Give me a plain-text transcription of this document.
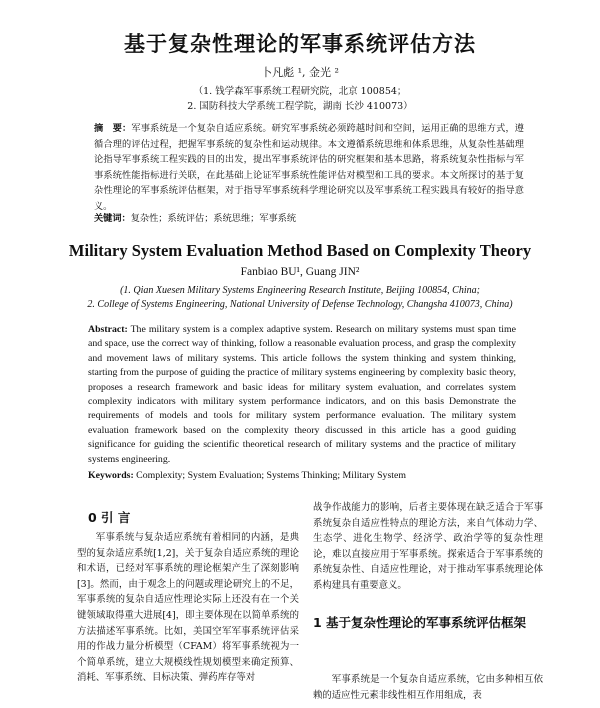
基于复杂性理论的军事系统评估方法
卜凡彪 ¹, 金光 ²
（1. 钱学森军事系统工程研究院，北京 100854；
2. 国防科技大学系统工程学院，湖南 长沙 410073）
摘　要：军事系统是一个复杂自适应系统。研究军事系统必须跨越时间和空间，运用正确的思维方式，遵循合理的评估过程，把握军事系统的复杂性和运动规律。本文遵循系统思维和体系思维，从复杂性基础理论指导军事系统工程实践的目的出发，提出军事系统评估的研究框架和基本思路，将系统复杂性指标与军事系统性能指标进行关联，在此基础上论证军事系统性能评估对模型和工具的要求。本文所探讨的基于复杂性理论的军事系统评估框架，对于指导军事系统科学理论研究以及军事系统工程实践具有较好的指导意义。
关键词：复杂性；系统评估；系统思维；军事系统
Military System Evaluation Method Based on Complexity Theory
Fanbiao BU¹, Guang JIN²
(1. Qian Xuesen Military Systems Engineering Research Institute, Beijing 100854, China;
2. College of Systems Engineering, National University of Defense Technology, Changsha 410073, China)
Abstract: The military system is a complex adaptive system. Research on military systems must span time and space, use the correct way of thinking, follow a reasonable evaluation process, and grasp the complexity and movement laws of military systems. This article follows the system thinking and system thinking, starting from the purpose of guiding the practice of military systems engineering by complexity basic theory, proposes a research framework and basic ideas for military system evaluation, and correlates system complexity indicators with military system performance indicators, and on this basis Demonstrate the requirements of models and tools for military system performance evaluation. The military system evaluation framework based on the complexity theory discussed in this article has a good guiding significance for guiding the scientific theoretical research of military systems and the practice of military systems engineering.
Keywords: Complexity; System Evaluation; Systems Thinking; Military System
0 引 言
军事系统与复杂适应系统有着相同的内涵，是典型的复杂适应系统[1,2]，关于复杂自适应系统的理论和术语，已经对军事系统的理论框架产生了深刻影响[3]。然而，由于观念上的问题或理论研究上的不足，军事系统的复杂自适应性理论实际上还没有在一个关键领域取得重大进展[4]，即主要体现在以简单系统的方法描述军事系统。比如，美国空军军事系统评估采用的作战力量分析模型（CFAM）将军事系统视为一个简单系统，建立大规模线性规划模型来确定预算、消耗、军事系统、目标决策、弹药库存等对
战争作战能力的影响，后者主要体现在缺乏适合于军事系统复杂自适应性特点的理论方法，来自气体动力学、生态学、进化生物学、经济学、政治学等的复杂性理论，难以直接应用于军事系统。探索适合于军事系统的系统复杂性、自适应性理论，对于推动军事系统理论体系构建具有重要意义。
1 基于复杂性理论的军事系统评估框架
军事系统是一个复杂自适应系统，它由多种相互依赖的适应性元素非线性相互作用组成，表
